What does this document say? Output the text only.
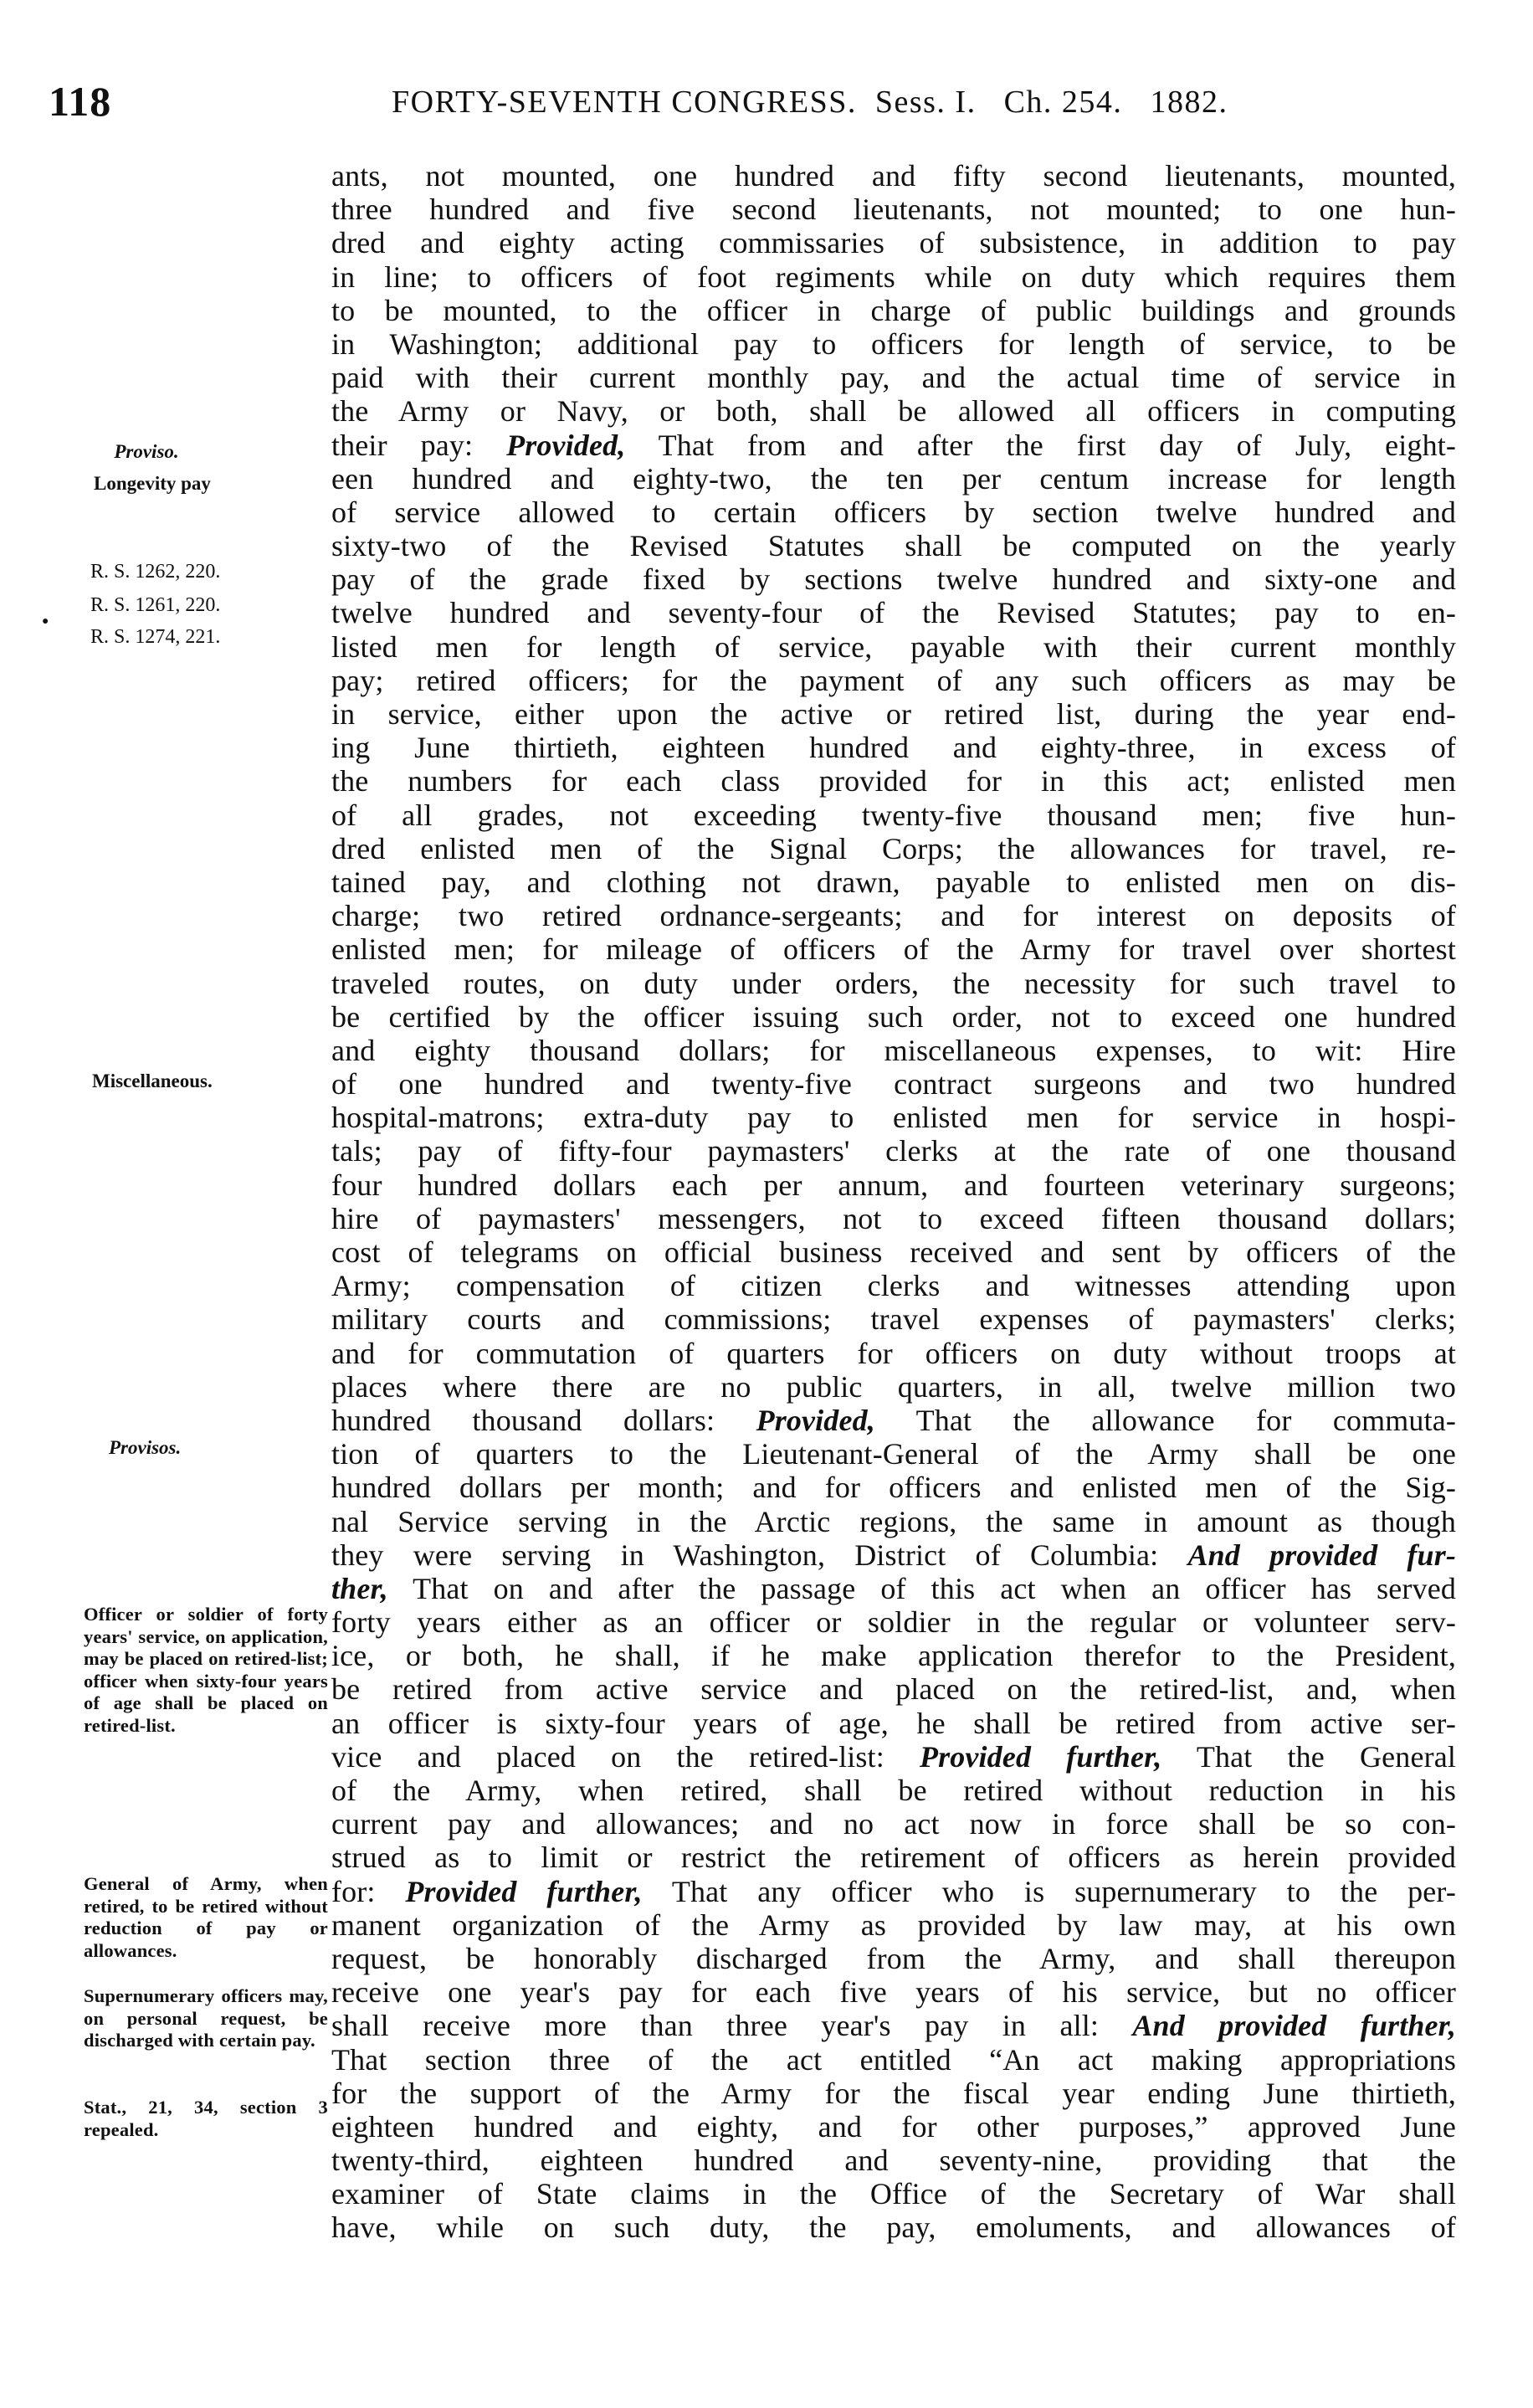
118	FORTY-SEVENTH CONGRESS. Sess. I. Ch. 254. 1882.
Proviso.
Longevity pay
R. S. 1262, 220.
R. S. 1261, 220.
R. S. 1274, 221.
Miscellaneous.
Provisos.
Officer or soldier of forty years' service, on application, may be placed on retired-list; officer when sixty-four years of age shall be placed on retired-list.
General of Army, when retired, to be retired without reduction of pay or allowances.
Supernumerary officers may, on personal request, be discharged with certain pay.
Stat., 21, 34, section 3 repealed.
●
ants, not mounted, one hundred and fifty second lieutenants, mounted,
three hundred and five second lieutenants, not mounted; to one hun-
dred and eighty acting commissaries of subsistence, in addition to pay
in line; to officers of foot regiments while on duty which requires them
to be mounted, to the officer in charge of public buildings and grounds
in Washington; additional pay to officers for length of service, to be
paid with their current monthly pay, and the actual time of service in
the Army or Navy, or both, shall be allowed all officers in computing
their pay: Provided, That from and after the first day of July, eight-
een hundred and eighty-two, the ten per centum increase for length
of service allowed to certain officers by section twelve hundred and
sixty-two of the Revised Statutes shall be computed on the yearly
pay of the grade fixed by sections twelve hundred and sixty-one and
twelve hundred and seventy-four of the Revised Statutes; pay to en-
listed men for length of service, payable with their current monthly
pay; retired officers; for the payment of any such officers as may be
in service, either upon the active or retired list, during the year end-
ing June thirtieth, eighteen hundred and eighty-three, in excess of
the numbers for each class provided for in this act; enlisted men
of all grades, not exceeding twenty-five thousand men; five hun-
dred enlisted men of the Signal Corps; the allowances for travel, re-
tained pay, and clothing not drawn, payable to enlisted men on dis-
charge; two retired ordnance-sergeants; and for interest on deposits of
enlisted men; for mileage of officers of the Army for travel over shortest
traveled routes, on duty under orders, the necessity for such travel to
be certified by the officer issuing such order, not to exceed one hundred
and eighty thousand dollars; for miscellaneous expenses, to wit: Hire
of one hundred and twenty-five contract surgeons and two hundred
hospital-matrons; extra-duty pay to enlisted men for service in hospi-
tals; pay of fifty-four paymasters' clerks at the rate of one thousand
four hundred dollars each per annum, and fourteen veterinary surgeons;
hire of paymasters' messengers, not to exceed fifteen thousand dollars;
cost of telegrams on official business received and sent by officers of the
Army; compensation of citizen clerks and witnesses attending upon
military courts and commissions; travel expenses of paymasters' clerks;
and for commutation of quarters for officers on duty without troops at
places where there are no public quarters, in all, twelve million two
hundred thousand dollars: Provided, That the allowance for commuta-
tion of quarters to the Lieutenant-General of the Army shall be one
hundred dollars per month; and for officers and enlisted men of the Sig-
nal Service serving in the Arctic regions, the same in amount as though
they were serving in Washington, District of Columbia: And provided fur-
ther, That on and after the passage of this act when an officer has served
forty years either as an officer or soldier in the regular or volunteer serv-
ice, or both, he shall, if he make application therefor to the President,
be retired from active service and placed on the retired-list, and, when
an officer is sixty-four years of age, he shall be retired from active ser-
vice and placed on the retired-list: Provided further, That the General
of the Army, when retired, shall be retired without reduction in his
current pay and allowances; and no act now in force shall be so con-
strued as to limit or restrict the retirement of officers as herein provided
for: Provided further, That any officer who is supernumerary to the per-
manent organization of the Army as provided by law may, at his own
request, be honorably discharged from the Army, and shall thereupon
receive one year's pay for each five years of his service, but no officer
shall receive more than three year's pay in all: And provided further,
That section three of the act entitled “An act making appropriations
for the support of the Army for the fiscal year ending June thirtieth,
eighteen hundred and eighty, and for other purposes,” approved June
twenty-third, eighteen hundred and seventy-nine, providing that the
examiner of State claims in the Office of the Secretary of War shall
have, while on such duty, the pay, emoluments, and allowances of
